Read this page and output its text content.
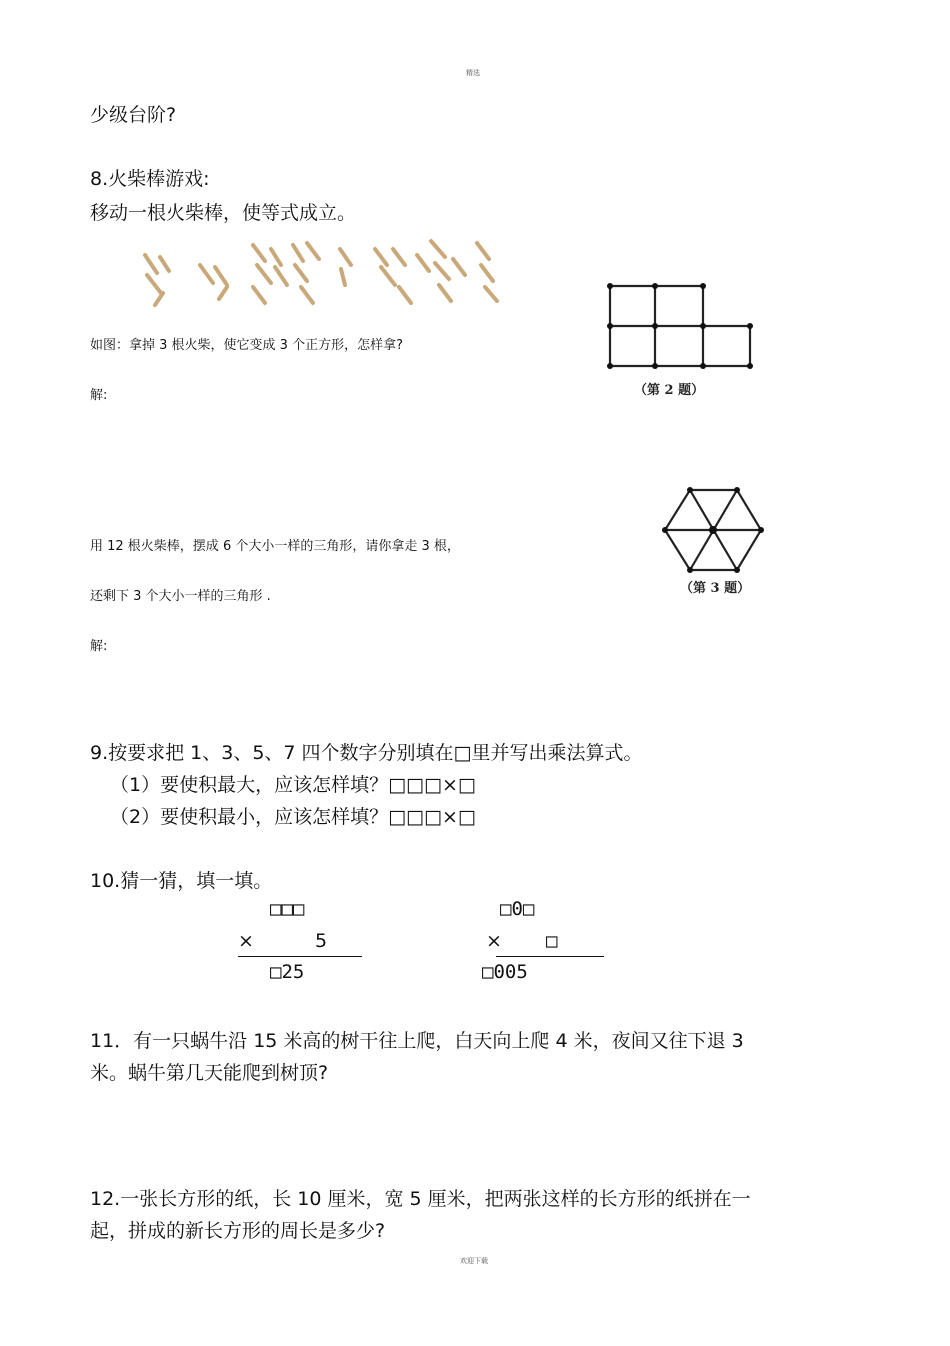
精选
少级台阶?
8.火柴棒游戏:
移动一根火柴棒，使等式成立。
如图：拿掉 3 根火柴，使它变成 3 个正方形，怎样拿?
解:	（第 2 题）
用 12 根火柴棒，摆成 6 个大小一样的三角形，请你拿走 3 根，
还剩下 3 个大小一样的三角形 .
解:
（第 3 题）
9.按要求把 1、3、5、7 四个数字分别填在□里并写出乘法算式。
（1）要使积最大，应该怎样填？□□□×□
（2）要使积最小，应该怎样填？□□□×□
10.猜一猜，填一填。
□□□
×	5
□25
□0□
× □
□005
11．有一只蜗牛沿 15 米高的树干往上爬，白天向上爬 4 米，夜间又往下退 3
米。蜗牛第几天能爬到树顶?
12.一张长方形的纸，长 10 厘米，宽 5 厘米，把两张这样的长方形的纸拼在一
起，拼成的新长方形的周长是多少?
欢迎下载
